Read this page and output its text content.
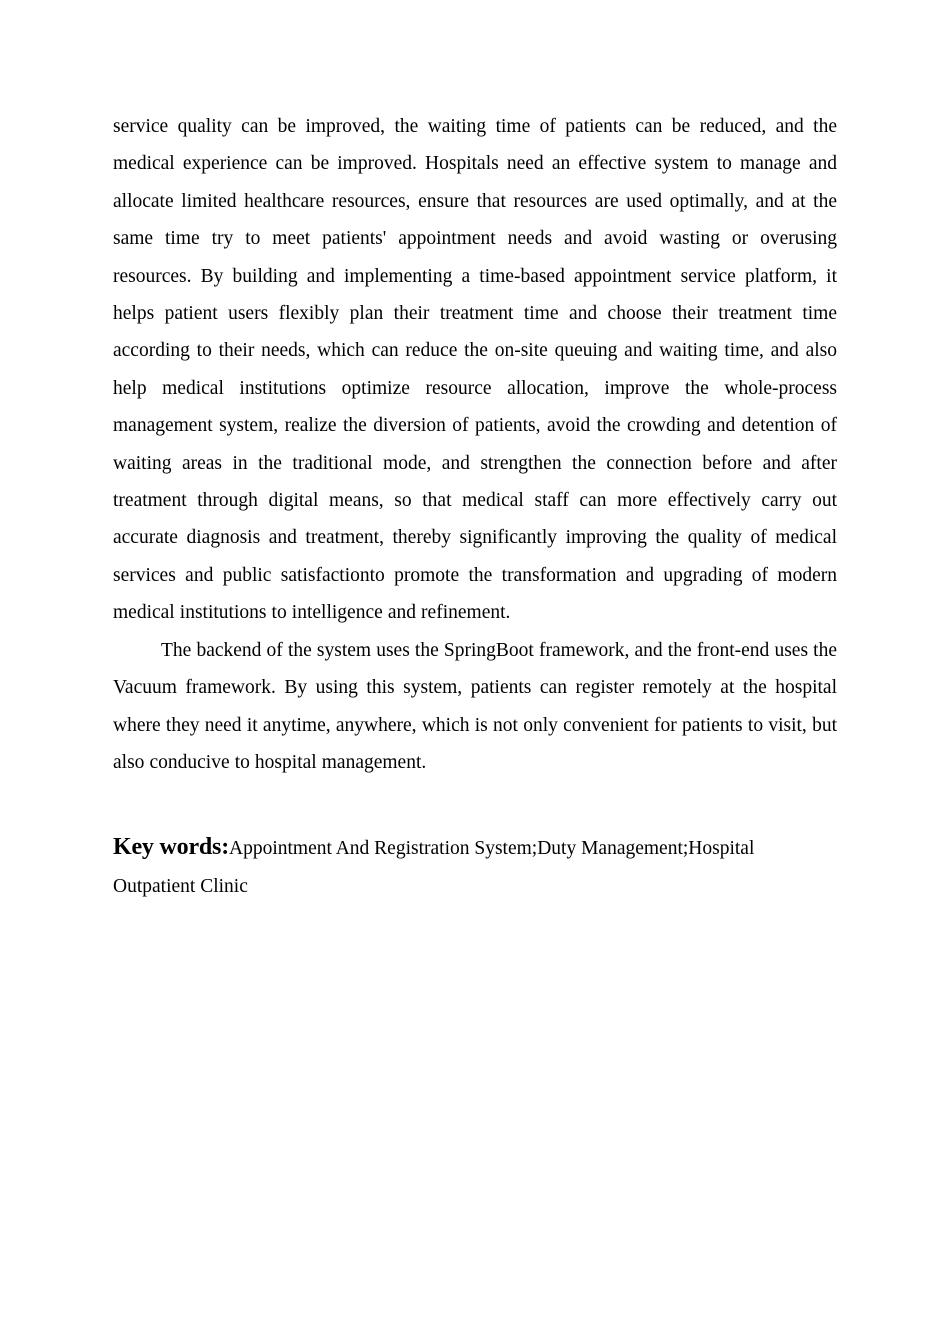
service quality can be improved, the waiting time of patients can be reduced, and the medical experience can be improved. Hospitals need an effective system to manage and allocate limited healthcare resources, ensure that resources are used optimally, and at the same time try to meet patients' appointment needs and avoid wasting or overusing resources. By building and implementing a time-based appointment service platform, it helps patient users flexibly plan their treatment time and choose their treatment time according to their needs, which can reduce the on-site queuing and waiting time, and also help medical institutions optimize resource allocation, improve the whole-process management system, realize the diversion of patients, avoid the crowding and detention of waiting areas in the traditional mode, and strengthen the connection before and after treatment through digital means, so that medical staff can more effectively carry out accurate diagnosis and treatment, thereby significantly improving the quality of medical services and public satisfactionto promote the transformation and upgrading of modern medical institutions to intelligence and refinement.

The backend of the system uses the SpringBoot framework, and the front-end uses the Vacuum framework. By using this system, patients can register remotely at the hospital where they need it anytime, anywhere, which is not only convenient for patients to visit, but also conducive to hospital management.

Key words:Appointment And Registration System;Duty Management;Hospital Outpatient Clinic
